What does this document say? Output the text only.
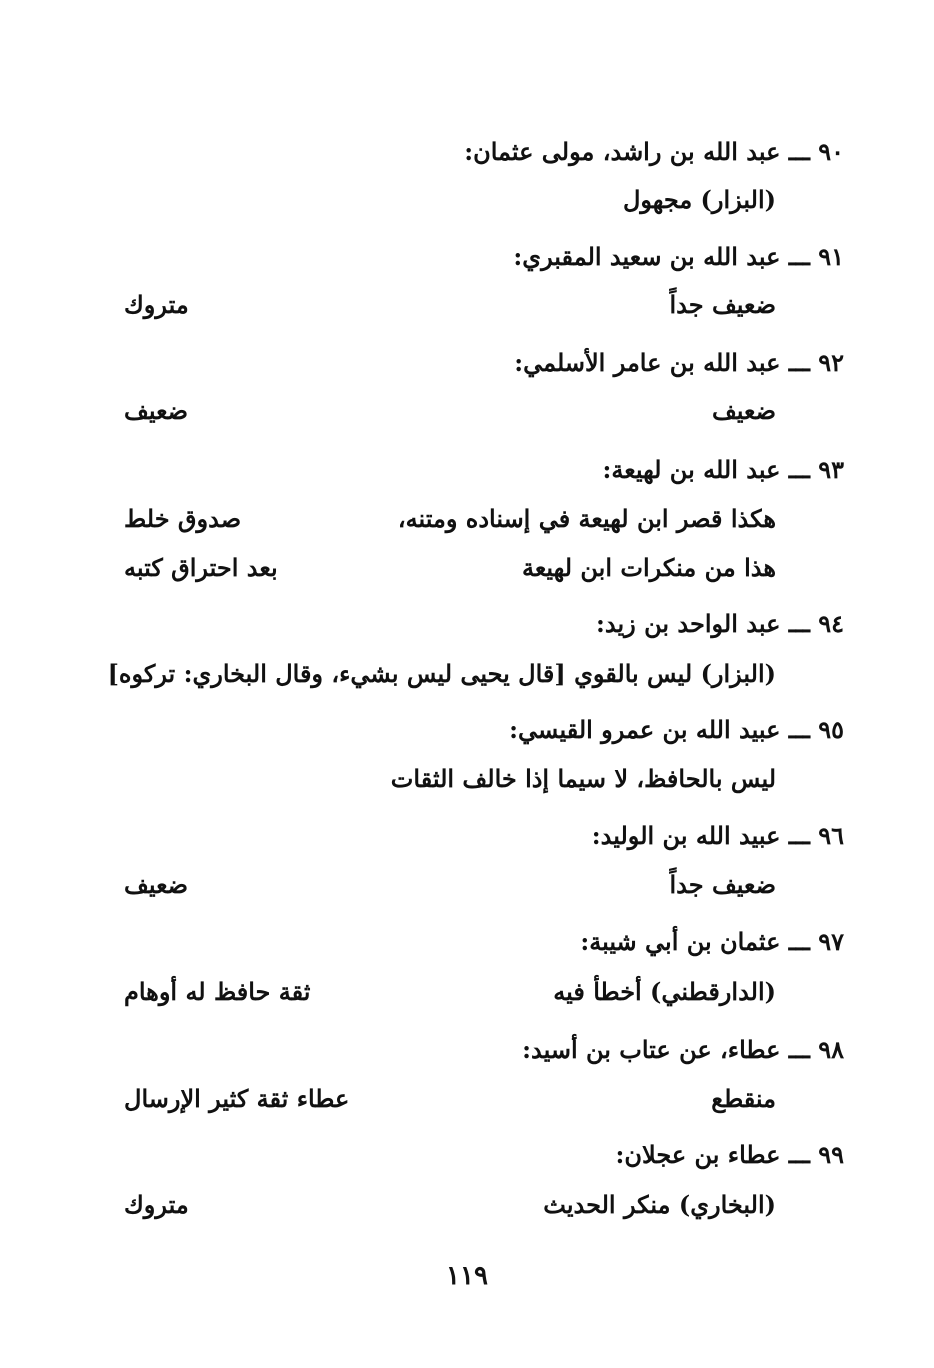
٩٠ ـــ عبد الله بن راشد، مولى عثمان:
(البزار) مجهول
٩١ ـــ عبد الله بن سعيد المقبري:
ضعيف جداً
متروك
٩٢ ـــ عبد الله بن عامر الأسلمي:
ضعيف
ضعيف
٩٣ ـــ عبد الله بن لهيعة:
هكذا قصر ابن لهيعة في إسناده ومتنه،
صدوق خلط
هذا من منكرات ابن لهيعة
بعد احتراق كتبه
٩٤ ـــ عبد الواحد بن زيد:
(البزار) ليس بالقوي [قال يحيى ليس بشيء، وقال البخاري: تركوه]
٩٥ ـــ عبيد الله بن عمرو القيسي:
ليس بالحافظ، لا سيما إذا خالف الثقات
٩٦ ـــ عبيد الله بن الوليد:
ضعيف جداً
ضعيف
٩٧ ـــ عثمان بن أبي شيبة:
(الدارقطني) أخطأ فيه
ثقة حافظ له أوهام
٩٨ ـــ عطاء، عن عتاب بن أسيد:
منقطع
عطاء ثقة كثير الإرسال
٩٩ ـــ عطاء بن عجلان:
(البخاري) منكر الحديث
متروك
١١٩
